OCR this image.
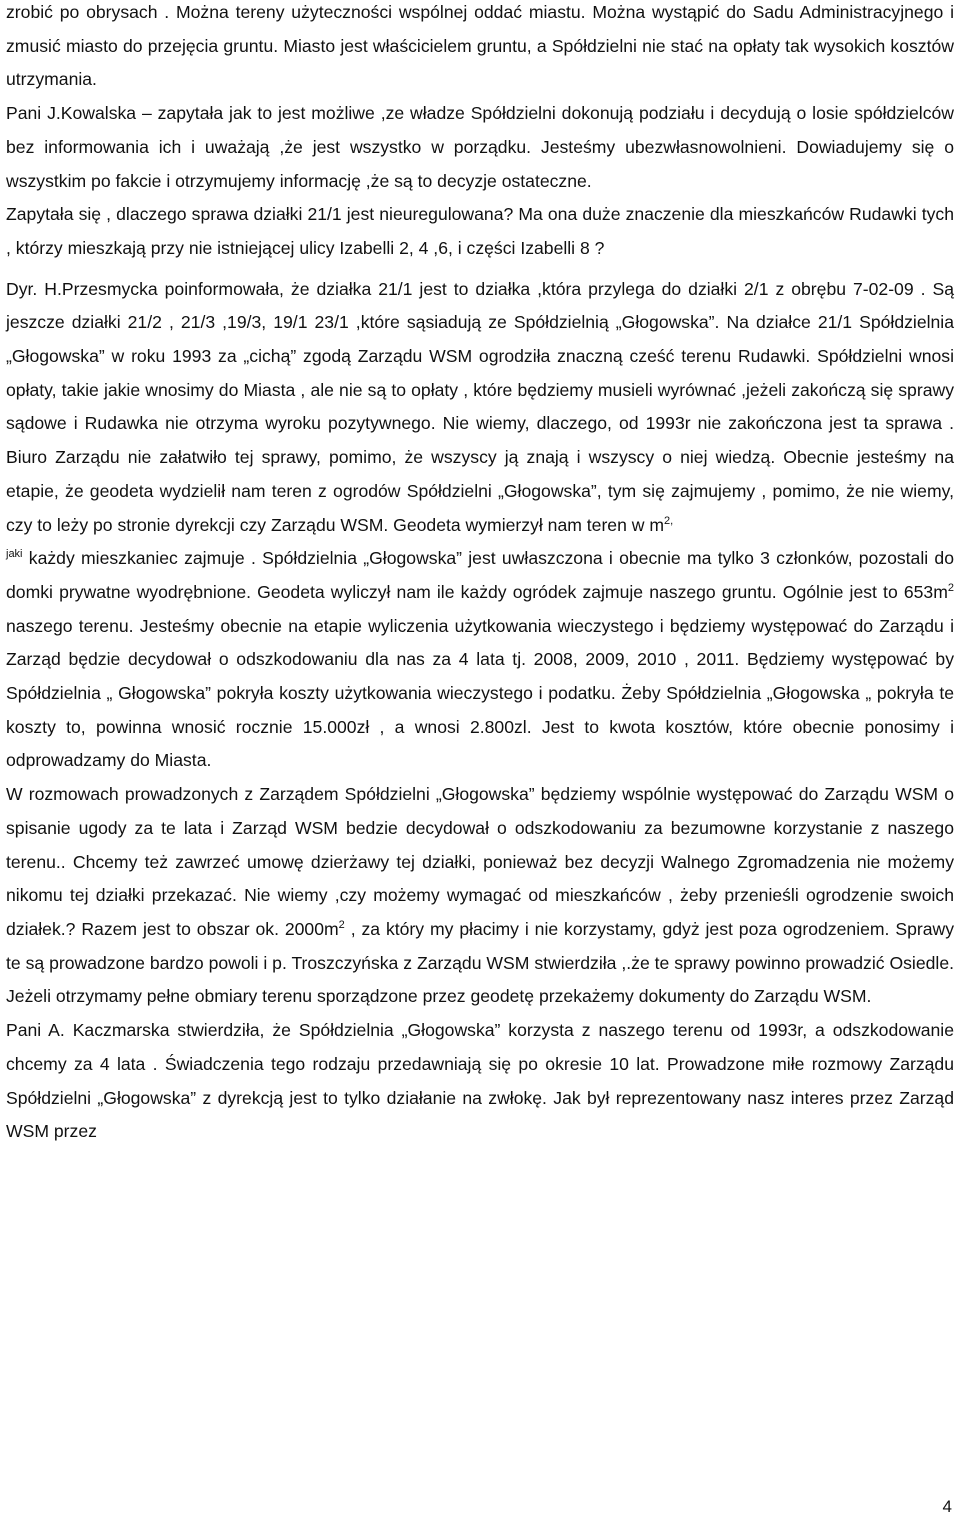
zrobić po obrysach . Można tereny użyteczności wspólnej oddać miastu. Można wystąpić do Sadu Administracyjnego i zmusić miasto do przejęcia gruntu. Miasto jest właścicielem gruntu, a Spółdzielni nie stać na opłaty tak wysokich kosztów utrzymania.

Pani J.Kowalska – zapytała jak to jest możliwe ,ze władze Spółdzielni dokonują podziału i decydują o losie spółdzielców bez informowania ich i uważają ,że jest wszystko w porządku. Jesteśmy ubezwłasnowolnieni. Dowiadujemy się o wszystkim po fakcie i otrzymujemy informację ,że są to decyzje ostateczne.

Zapytała się , dlaczego sprawa działki 21/1 jest nieuregulowana? Ma ona duże znaczenie dla mieszkańców Rudawki tych , którzy mieszkają przy nie istniejącej ulicy Izabelli 2, 4 ,6, i części Izabelli 8 ?

Dyr. H.Przesmycka poinformowała, że działka 21/1 jest to działka ,która przylega do działki 2/1 z obrębu 7-02-09 . Są jeszcze działki 21/2 , 21/3 ,19/3, 19/1 23/1 ,które sąsiadują ze Spółdzielnią „Głogowska”. Na działce 21/1 Spółdzielnia „Głogowska” w roku 1993 za „cichą” zgodą Zarządu WSM ogrodziła znaczną cześć terenu Rudawki. Spółdzielni wnosi opłaty, takie jakie wnosimy do Miasta , ale nie są to opłaty , które będziemy musieli wyrównać ,jeżeli zakończą się sprawy sądowe i Rudawka nie otrzyma wyroku pozytywnego. Nie wiemy, dlaczego, od 1993r nie zakończona jest ta sprawa . Biuro Zarządu nie załatwiło tej sprawy, pomimo, że wszyscy ją znają i wszyscy o niej wiedzą. Obecnie jesteśmy na etapie, że geodeta wydzielił nam teren z ogrodów Spółdzielni „Głogowska”, tym się zajmujemy , pomimo, że nie wiemy, czy to leży po stronie dyrekcji czy Zarządu WSM. Geodeta wymierzył nam teren w $m^{2,}$
$^{jaki}$ każdy mieszkaniec zajmuje . Spółdzielnia „Głogowska” jest uwłaszczona i obecnie ma tylko 3 członków, pozostali do domki prywatne wyodrębnione. Geodeta wyliczył nam ile każdy ogródek zajmuje naszego gruntu. Ogólnie jest to $653m^2$ naszego terenu. Jesteśmy obecnie na etapie wyliczenia użytkowania wieczystego i będziemy występować do Zarządu i Zarząd będzie decydował o odszkodowaniu dla nas za 4 lata tj. 2008, 2009, 2010 , 2011. Będziemy występować by Spółdzielnia „ Głogowska” pokryła koszty użytkowania wieczystego i podatku. Żeby Spółdzielnia „Głogowska „ pokryła te koszty to, powinna wnosić rocznie 15.000zł , a wnosi 2.800zl. Jest to kwota kosztów, które obecnie ponosimy i odprowadzamy do Miasta.

W rozmowach prowadzonych z Zarządem Spółdzielni „Głogowska” będziemy wspólnie występować do Zarządu WSM o spisanie ugody za te lata i Zarząd WSM bedzie decydował o odszkodowaniu za bezumowne korzystanie z naszego terenu.. Chcemy też zawrzeć umowę dzierżawy tej działki, ponieważ bez decyzji Walnego Zgromadzenia nie możemy nikomu tej działki przekazać. Nie wiemy ,czy możemy wymagać od mieszkańców , żeby przenieśli ogrodzenie swoich działek.? Razem jest to obszar ok. $2000m^2$ , za który my płacimy i nie korzystamy, gdyż jest poza ogrodzeniem. Sprawy te są prowadzone bardzo powoli i p. Troszczyńska z Zarządu WSM stwierdziła ,.że te sprawy powinno prowadzić Osiedle. Jeżeli otrzymamy pełne obmiary terenu sporządzone przez geodetę przekażemy dokumenty do Zarządu WSM.

Pani A. Kaczmarska stwierdziła, że Spółdzielnia „Głogowska” korzysta z naszego terenu od 1993r, a odszkodowanie chcemy za 4 lata . Świadczenia tego rodzaju przedawniają się po okresie 10 lat. Prowadzone miłe rozmowy Zarządu Spółdzielni „Głogowska” z dyrekcją jest to tylko działanie na zwłokę. Jak był reprezentowany nasz interes przez Zarząd WSM przez

4
